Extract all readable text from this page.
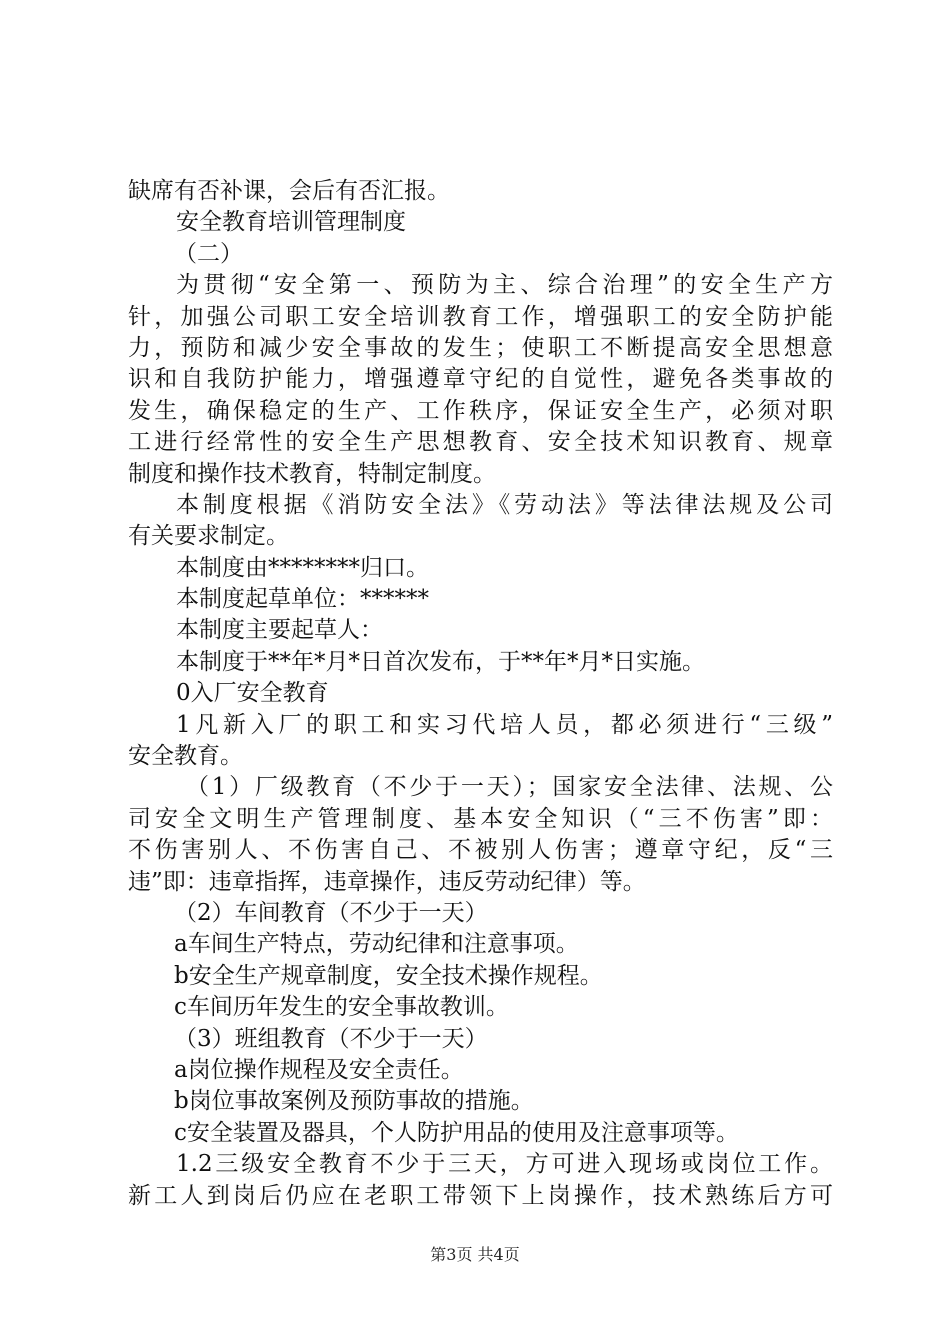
缺席有否补课，会后有否汇报。
安全教育培训管理制度
（二）
为贯彻“安全第一、预防为主、综合治理”的安全生产方
针，加强公司职工安全培训教育工作，增强职工的安全防护能
力，预防和减少安全事故的发生；使职工不断提高安全思想意
识和自我防护能力，增强遵章守纪的自觉性，避免各类事故的
发生，确保稳定的生产、工作秩序，保证安全生产，必须对职
工进行经常性的安全生产思想教育、安全技术知识教育、规章
制度和操作技术教育，特制定制度。
本制度根据《消防安全法》《劳动法》等法律法规及公司
有关要求制定。
本制度由********归口。
本制度起草单位：******
本制度主要起草人：
本制度于**年*月*日首次发布，于**年*月*日实施。
0入厂安全教育
1凡新入厂的职工和实习代培人员，都必须进行“三级”
安全教育。
（1）厂级教育（不少于一天）；国家安全法律、法规、公
司安全文明生产管理制度、基本安全知识（“三不伤害”即：
不伤害别人、不伤害自己、不被别人伤害；遵章守纪，反“三
违”即：违章指挥，违章操作，违反劳动纪律）等。
（2）车间教育（不少于一天）
a车间生产特点，劳动纪律和注意事项。
b安全生产规章制度，安全技术操作规程。
c车间历年发生的安全事故教训。
（3）班组教育（不少于一天）
a岗位操作规程及安全责任。
b岗位事故案例及预防事故的措施。
c安全装置及器具，个人防护用品的使用及注意事项等。
1.2三级安全教育不少于三天，方可进入现场或岗位工作。
新工人到岗后仍应在老职工带领下上岗操作，技术熟练后方可
第3页 共4页
